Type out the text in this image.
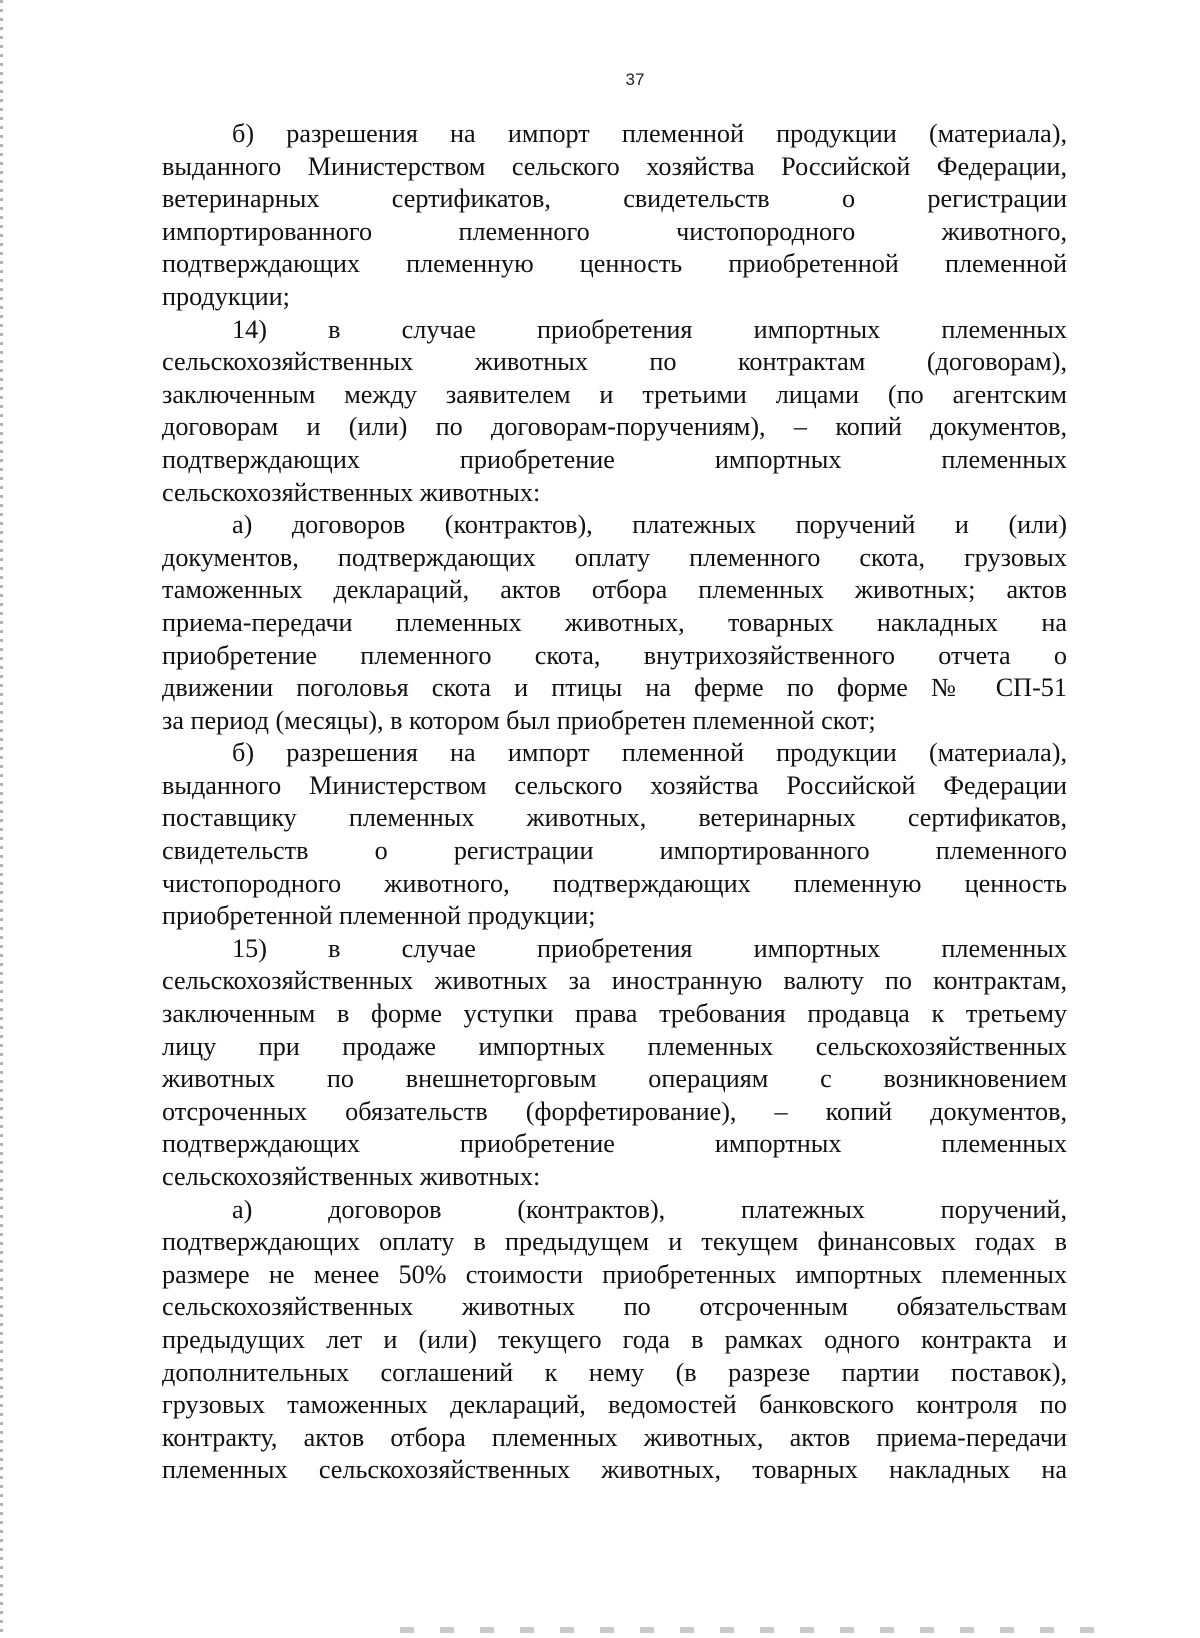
37
б) разрешения на импорт племенной продукции (материала),
выданного Министерством сельского хозяйства Российской Федерации,
ветеринарных сертификатов, свидетельств о регистрации
импортированного племенного чистопородного животного,
подтверждающих племенную ценность приобретенной племенной
продукции;
14) в случае приобретения импортных племенных
сельскохозяйственных животных по контрактам (договорам),
заключенным между заявителем и третьими лицами (по агентским
договорам и (или) по договорам-поручениям), – копий документов,
подтверждающих приобретение импортных племенных
сельскохозяйственных животных:
а) договоров (контрактов), платежных поручений и (или)
документов, подтверждающих оплату племенного скота, грузовых
таможенных деклараций, актов отбора племенных животных; актов
приема-передачи племенных животных, товарных накладных на
приобретение племенного скота, внутрихозяйственного отчета о
движении поголовья скота и птицы на ферме по форме № СП-51
за период (месяцы), в котором был приобретен племенной скот;
б) разрешения на импорт племенной продукции (материала),
выданного Министерством сельского хозяйства Российской Федерации
поставщику племенных животных, ветеринарных сертификатов,
свидетельств о регистрации импортированного племенного
чистопородного животного, подтверждающих племенную ценность
приобретенной племенной продукции;
15) в случае приобретения импортных племенных
сельскохозяйственных животных за иностранную валюту по контрактам,
заключенным в форме уступки права требования продавца к третьему
лицу при продаже импортных племенных сельскохозяйственных
животных по внешнеторговым операциям с возникновением
отсроченных обязательств (форфетирование), – копий документов,
подтверждающих приобретение импортных племенных
сельскохозяйственных животных:
а) договоров (контрактов), платежных поручений,
подтверждающих оплату в предыдущем и текущем финансовых годах в
размере не менее 50% стоимости приобретенных импортных племенных
сельскохозяйственных животных по отсроченным обязательствам
предыдущих лет и (или) текущего года в рамках одного контракта и
дополнительных соглашений к нему (в разрезе партии поставок),
грузовых таможенных деклараций, ведомостей банковского контроля по
контракту, актов отбора племенных животных, актов приема-передачи
племенных сельскохозяйственных животных, товарных накладных на
